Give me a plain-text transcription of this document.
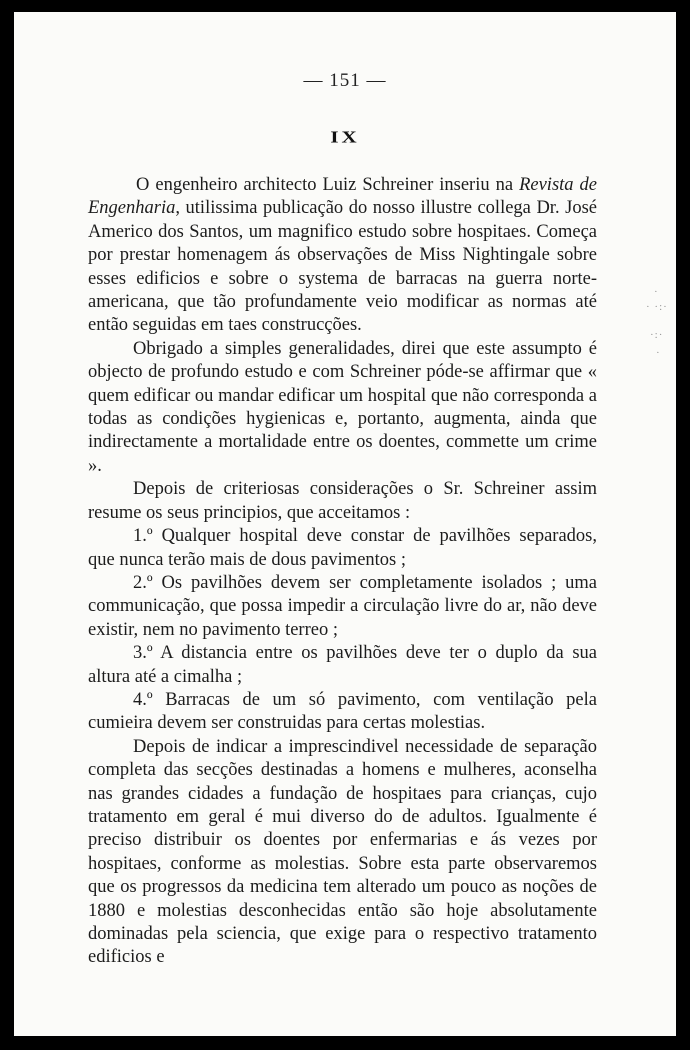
— 151 —
IX

O engenheiro architecto Luiz Schreiner inseriu na Revista de Engenharia, utilissima publicação do nosso illustre collega Dr. José Americo dos Santos, um magnifico estudo sobre hospitaes. Começa por prestar homenagem ás observações de Miss Nightingale sobre esses edificios e sobre o systema de barracas na guerra norte-americana, que tão profundamente veio modificar as normas até então seguidas em taes construcções.

Obrigado a simples generalidades, direi que este assumpto é objecto de profundo estudo e com Schreiner póde-se affirmar que « quem edificar ou mandar edificar um hospital que não corresponda a todas as condições hygienicas e, portanto, augmenta, ainda que indirectamente a mortalidade entre os doentes, commette um crime ».

Depois de criteriosas considerações o Sr. Schreiner assim resume os seus principios, que acceitamos :

1.º Qualquer hospital deve constar de pavilhões separados, que nunca terão mais de dous pavimentos ;

2.º Os pavilhões devem ser completamente isolados ; uma communicação, que possa impedir a circulação livre do ar, não deve existir, nem no pavimento terreo ;

3.º A distancia entre os pavilhões deve ter o duplo da sua altura até a cimalha ;

4.º Barracas de um só pavimento, com ventilação pela cumieira devem ser construidas para certas molestias.

Depois de indicar a imprescindivel necessidade de separação completa das secções destinadas a homens e mulheres, aconselha nas grandes cidades a fundação de hospitaes para crianças, cujo tratamento em geral é mui diverso do de adultos. Igualmente é preciso distribuir os doentes por enfermarias e ás vezes por hospitaes, conforme as molestias. Sobre esta parte observaremos que os progressos da medicina tem alterado um pouco as noções de 1880 e molestias desconhecidas então são hoje absolutamente dominadas pela sciencia, que exige para o respectivo tratamento edificios e

·
· ·:·
·:·
·
